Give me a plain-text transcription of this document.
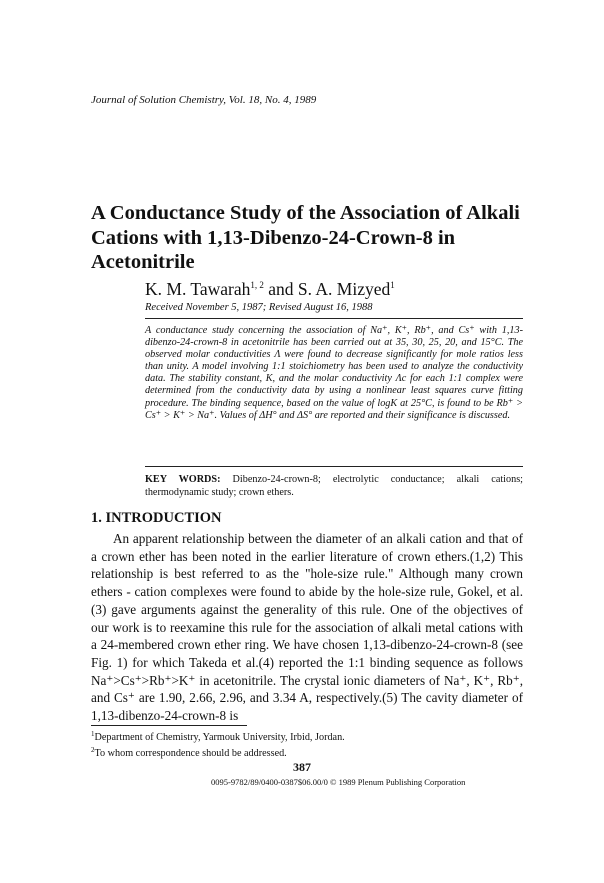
Journal of Solution Chemistry, Vol. 18, No. 4, 1989
A Conductance Study of the Association of Alkali Cations with 1,13-Dibenzo-24-Crown-8 in Acetonitrile
K. M. Tawarah$^{1, 2}$ and S. A. Mizyed$^1$
Received November 5, 1987; Revised August 16, 1988

A conductance study concerning the association of Na⁺, K⁺, Rb⁺, and Cs⁺ with 1,13-dibenzo-24-crown-8 in acetonitrile has been carried out at 35, 30, 25, 20, and 15°C. The observed molar conductivities Λ were found to decrease significantly for mole ratios less than unity. A model involving 1:1 stoichiometry has been used to analyze the conductivity data. The stability constant, K, and the molar conductivity Λc for each 1:1 complex were determined from the conductivity data by using a nonlinear least squares curve fitting procedure. The binding sequence, based on the value of logK at 25°C, is found to be Rb⁺ > Cs⁺ > K⁺ > Na⁺. Values of ΔH° and ΔS° are reported and their significance is discussed.

KEY WORDS: Dibenzo-24-crown-8; electrolytic conductance; alkali cations; thermodynamic study; crown ethers.

1. INTRODUCTION

An apparent relationship between the diameter of an alkali cation and that of a crown ether has been noted in the earlier literature of crown ethers.(1,2) This relationship is best referred to as the "hole-size rule." Although many crown ethers - cation complexes were found to abide by the hole-size rule, Gokel, et al.(3) gave arguments against the generality of this rule. One of the objectives of our work is to reexamine this rule for the association of alkali metal cations with a 24-membered crown ether ring. We have chosen 1,13-dibenzo-24-crown-8 (see Fig. 1) for which Takeda et al.(4) reported the 1:1 binding sequence as follows Na⁺>Cs⁺>Rb⁺>K⁺ in acetonitrile. The crystal ionic diameters of Na⁺, K⁺, Rb⁺, and Cs⁺ are 1.90, 2.66, 2.96, and 3.34 A, respectively.(5) The cavity diameter of 1,13-dibenzo-24-crown-8 is

$^1$Department of Chemistry, Yarmouk University, Irbid, Jordan.
$^2$To whom correspondence should be addressed.
387
0095-9782/89/0400-0387$06.00/0 © 1989 Plenum Publishing Corporation
